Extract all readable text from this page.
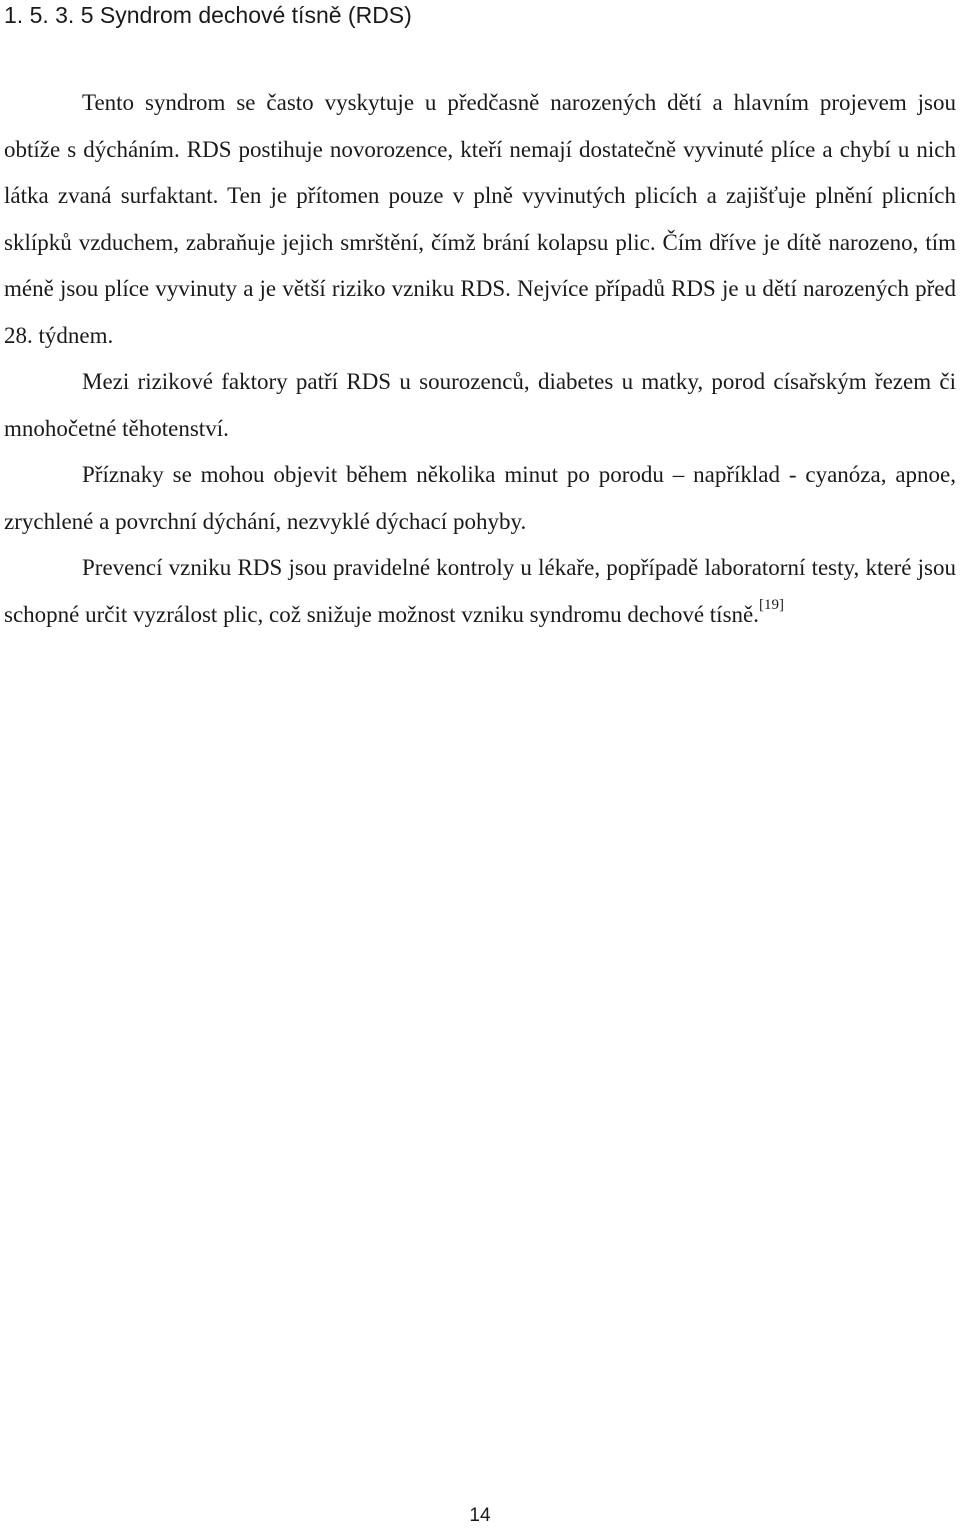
1. 5. 3. 5 Syndrom dechové tísně (RDS)

Tento syndrom se často vyskytuje u předčasně narozených dětí a hlavním projevem jsou obtíže s dýcháním. RDS postihuje novorozence, kteří nemají dostatečně vyvinuté plíce a chybí u nich látka zvaná surfaktant. Ten je přítomen pouze v plně vyvinutých plicích a zajišťuje plnění plicních sklípků vzduchem, zabraňuje jejich smrštění, čímž brání kolapsu plic. Čím dříve je dítě narozeno, tím méně jsou plíce vyvinuty a je větší riziko vzniku RDS. Nejvíce případů RDS je u dětí narozených před 28. týdnem.

Mezi rizikové faktory patří RDS u sourozenců, diabetes u matky, porod císařským řezem či mnohočetné těhotenství.

Příznaky se mohou objevit během několika minut po porodu – například - cyanóza, apnoe, zrychlené a povrchní dýchání, nezvyklé dýchací pohyby.

Prevencí vzniku RDS jsou pravidelné kontroly u lékaře, popřípadě laboratorní testy, které jsou schopné určit vyzrálost plic, což snižuje možnost vzniku syndromu dechové tísně.[19]

14
